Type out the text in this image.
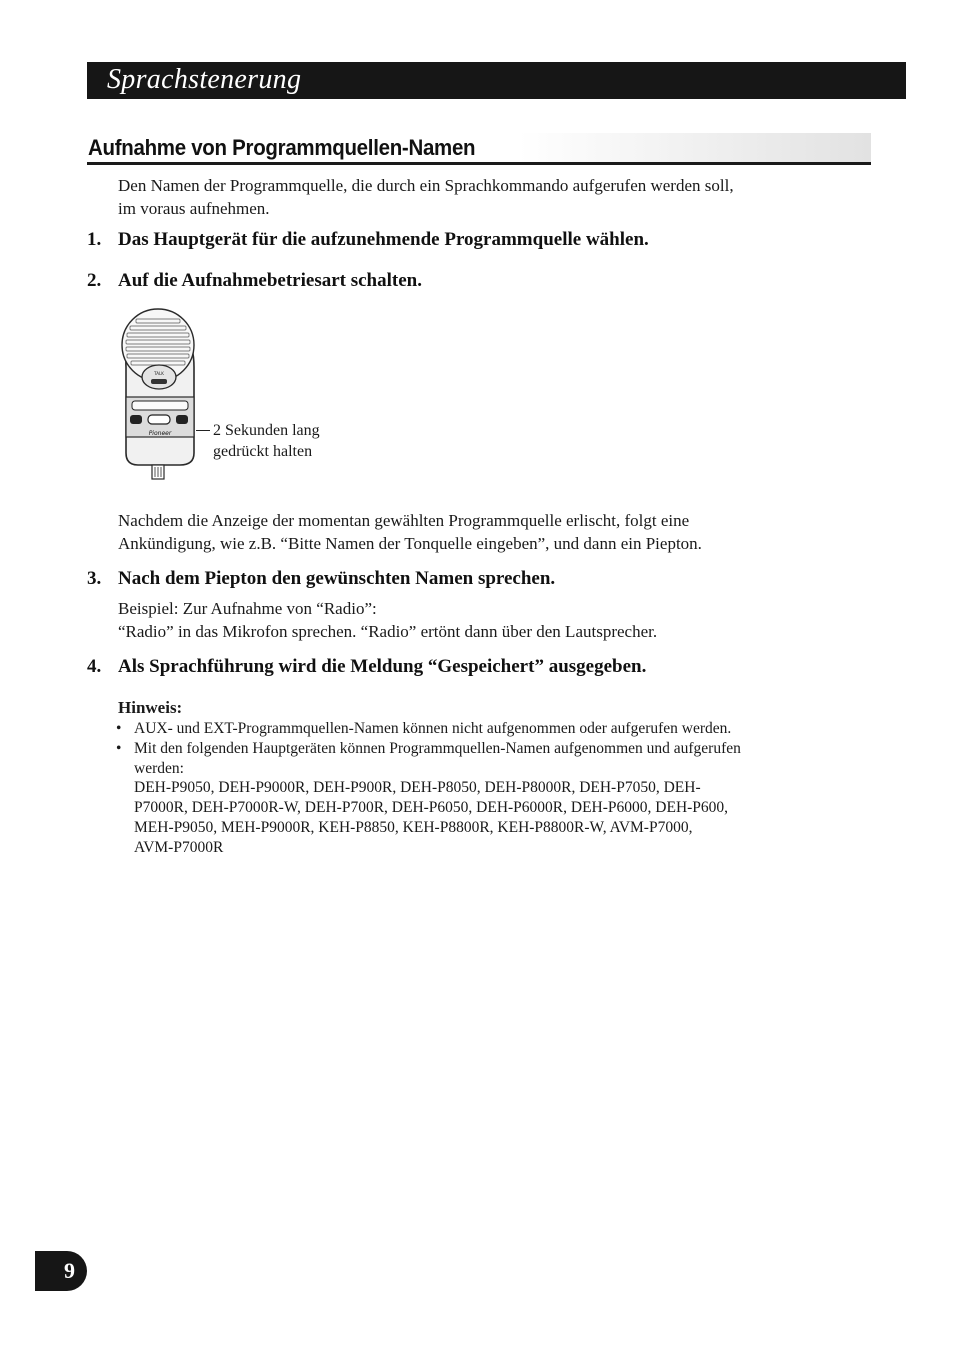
Sprachstenerung
Aufnahme von Programmquellen-Namen
Den Namen der Programmquelle, die durch ein Sprachkommando aufgerufen werden soll,
im voraus aufnehmen.
1. Das Hauptgerät für die aufzunehmende Programmquelle wählen.
2. Auf die Aufnahmebetriesart schalten.
TALK
Pioneer	2 Sekunden lang
gedrückt halten
Nachdem die Anzeige der momentan gewählten Programmquelle erlischt, folgt eine
Ankündigung, wie z.B. “Bitte Namen der Tonquelle eingeben”, und dann ein Piepton.
3. Nach dem Piepton den gewünschten Namen sprechen.
Beispiel: Zur Aufnahme von “Radio”:
“Radio” in das Mikrofon sprechen. “Radio” ertönt dann über den Lautsprecher.
4. Als Sprachführung wird die Meldung “Gespeichert” ausgegeben.
Hinweis:
• AUX- und EXT-Programmquellen-Namen können nicht aufgenommen oder aufgerufen werden.
• Mit den folgenden Hauptgeräten können Programmquellen-Namen aufgenommen und aufgerufen
werden:
DEH-P9050, DEH-P9000R, DEH-P900R, DEH-P8050, DEH-P8000R, DEH-P7050, DEH-
P7000R, DEH-P7000R-W, DEH-P700R, DEH-P6050, DEH-P6000R, DEH-P6000, DEH-P600,
MEH-P9050, MEH-P9000R, KEH-P8850, KEH-P8800R, KEH-P8800R-W, AVM-P7000,
AVM-P7000R
9
